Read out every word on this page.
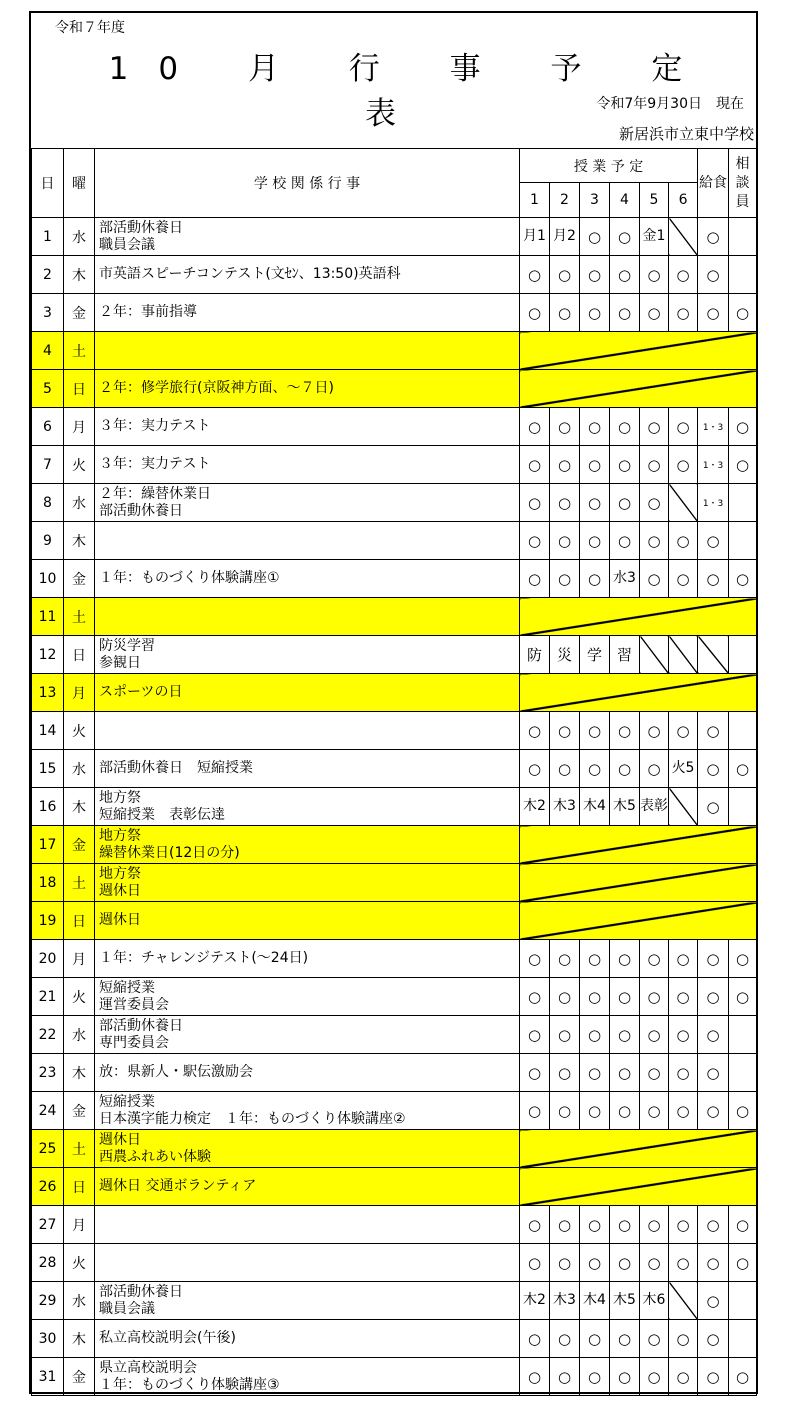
令和７年度
10 月 行 事 予 定 表	令和7年9月30日　現在
新居浜市立東中学校
日	曜	学 校 関 係 行 事	授 業 予 定						給食	相談員	
			1	2	3	4	5	6			
1	水	部活動休養日
職員会議	月1	月2	○	○	金1		○		
2	木	市英語スピーチコンテスト(文ｾﾝ、13:50)英語科	○	○	○	○	○	○	○		
3	金	２年：事前指導	○	○	○	○	○	○	○	○	
4	土								

5	日	２年：修学旅行(京阪神方面、～７日)									

6	月	３年：実力テスト	○	○	○	○	○	○	1・3	○	
7	火	３年：実力テスト	○	○	○	○	○	○	1・3	○	
8	水	２年：繰替休業日
部活動休養日	○	○	○	○	○		1・3		
9	木		○	○	○	○	○	○	○		
10	金	１年：ものづくり体験講座①	○	○	○	水3	○	○	○	○	
11	土								

12	日	防災学習
参観日	防	災	学	習					
13	月	スポーツの日									

14	火		○	○	○	○	○	○	○		
15	水	部活動休養日　短縮授業	○	○	○	○	○	火5	○	○	
16	木	地方祭
短縮授業　表彰伝達	木2	木3	木4	木5	表彰		○		
17	金	地方祭
繰替休業日(12日の分)									

18	土	地方祭
週休日									

19	日	週休日									

20	月	１年：チャレンジテスト(～24日)	○	○	○	○	○	○	○	○	
21	火	短縮授業
運営委員会	○	○	○	○	○	○	○	○	
22	水	部活動休養日
専門委員会	○	○	○	○	○	○	○		
23	木	放：県新人・駅伝激励会	○	○	○	○	○	○	○		
24	金	短縮授業
日本漢字能力検定　１年：ものづくり体験講座②	○	○	○	○	○	○	○	○	
25	土	週休日
西農ふれあい体験									

26	日	週休日 交通ボランティア									

27	月		○	○	○	○	○	○	○	○	
28	火		○	○	○	○	○	○	○	○	
29	水	部活動休養日
職員会議	木2	木3	木4	木5	木6		○		
30	木	私立高校説明会(午後)	○	○	○	○	○	○	○		
31	金	県立高校説明会
１年：ものづくり体験講座③	○	○	○	○	○	○	○	○	
